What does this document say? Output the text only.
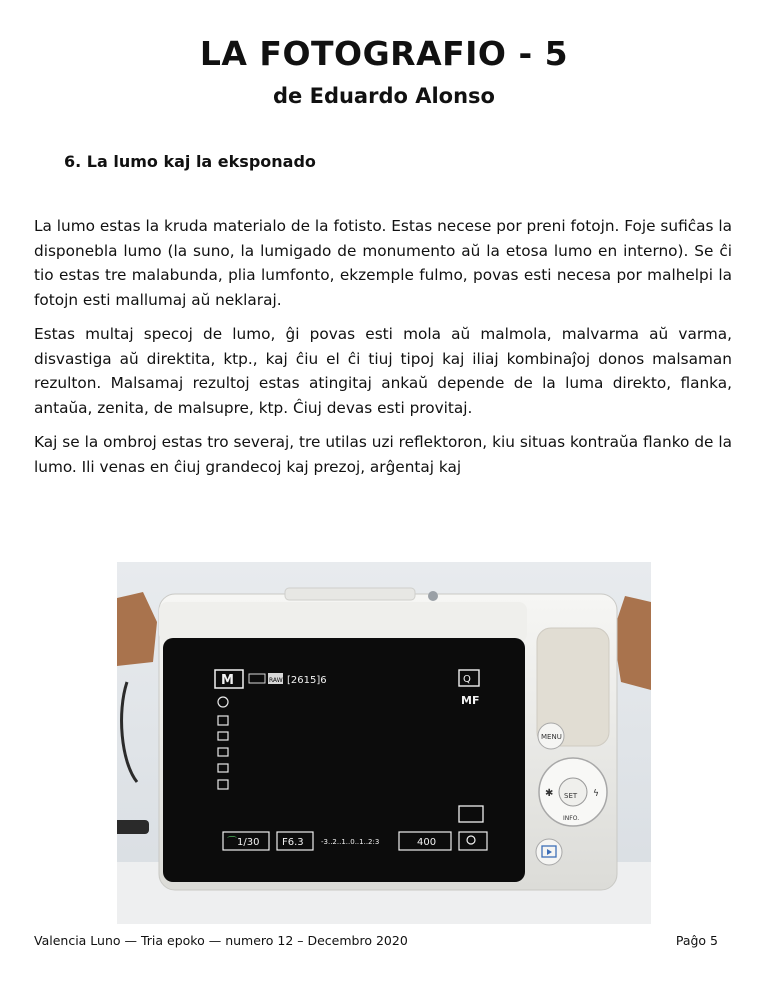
LA FOTOGRAFIO - 5
de Eduardo Alonso
6. La lumo kaj la eksponado

La lumo estas la kruda materialo de la fotisto. Estas necese por preni fotojn. Foje sufiĉas la disponebla lumo (la suno, la lumigado de monumento aŭ la etosa lumo en interno). Se ĉi tio estas tre malabunda, plia lumfonto, ekzemple fulmo, povas esti necesa por malhelpi la fotojn esti mallumaj aŭ neklaraj.

Estas multaj specoj de lumo, ĝi povas esti mola aŭ malmola, malvarma aŭ varma, disvastiga aŭ direktita, ktp., kaj ĉiu el ĉi tiuj tipoj kaj iliaj kombinaĵoj donos malsaman rezulton. Malsamaj rezultoj estas atingitaj ankaŭ depende de la luma direkto, flanka, antaŭa, zenita, de malsupre, ktp. Ĉiuj devas esti provitaj.

Kaj se la ombroj estas tro severaj, tre utilas uzi reflektoron, kiu situas kontraŭa flanko de la lumo. Ili venas en ĉiuj grandecoj kaj prezoj, arĝentaj kaj

M	RAW [2615]6	Q
MF
⌒ 1/30 F6.3 -3..2..1..0..1..2:3	400
MENU
SET
INFO.
✱	ϟ
Valencia Luno — Tria epoko — numero 12 – Decembro 2020	Paĝo 5
